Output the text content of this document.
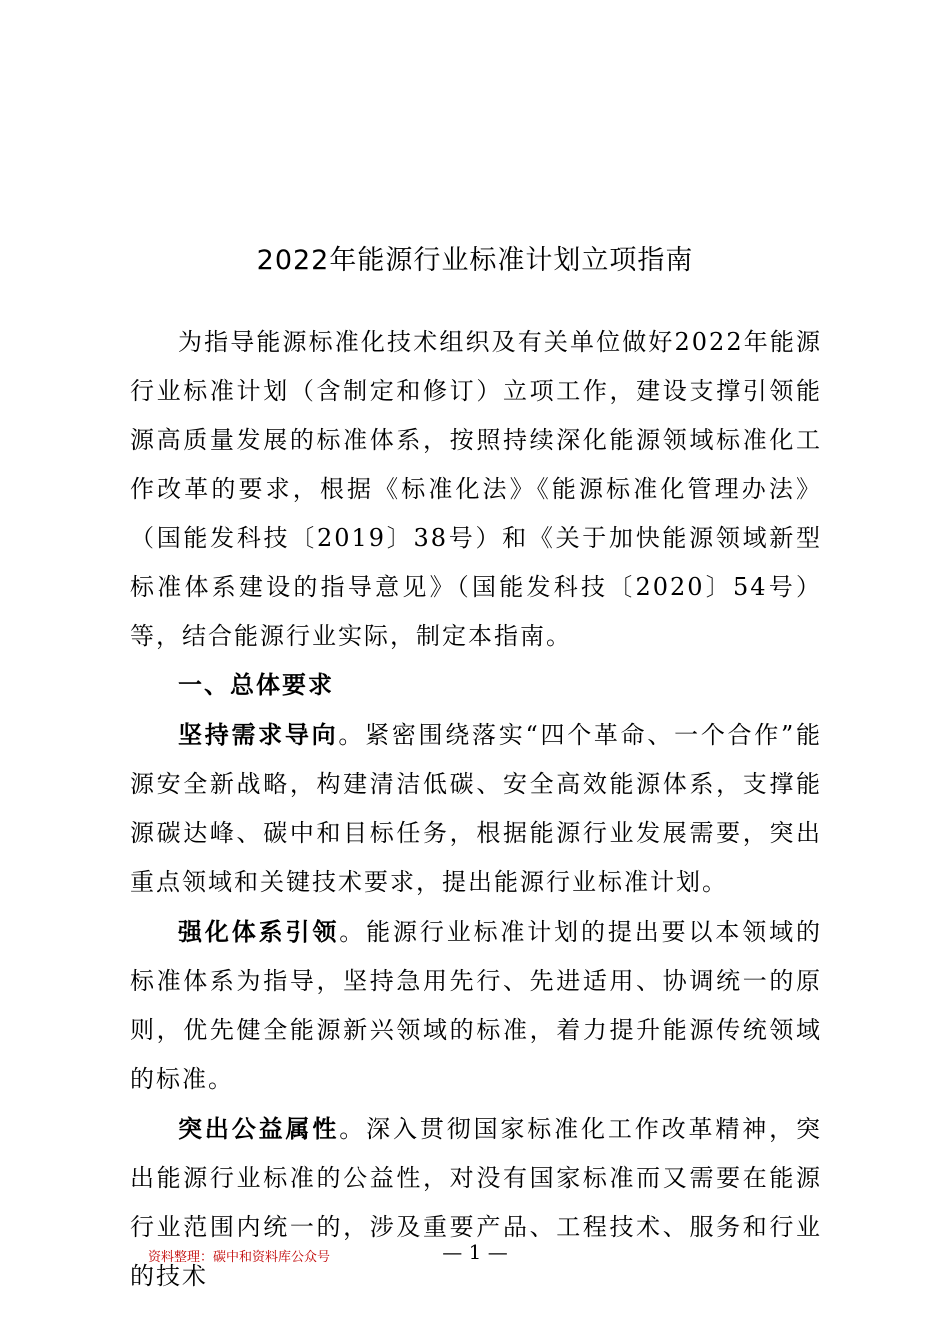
2022年能源行业标准计划立项指南

为指导能源标准化技术组织及有关单位做好2022年能源行业标准计划（含制定和修订）立项工作，建设支撑引领能源高质量发展的标准体系，按照持续深化能源领域标准化工作改革的要求，根据《标准化法》《能源标准化管理办法》（国能发科技〔2019〕38号）和《关于加快能源领域新型标准体系建设的指导意见》（国能发科技〔2020〕54号）等，结合能源行业实际，制定本指南。

一、总体要求

坚持需求导向。紧密围绕落实“四个革命、一个合作”能源安全新战略，构建清洁低碳、安全高效能源体系，支撑能源碳达峰、碳中和目标任务，根据能源行业发展需要，突出重点领域和关键技术要求，提出能源行业标准计划。

强化体系引领。能源行业标准计划的提出要以本领域的标准体系为指导，坚持急用先行、先进适用、协调统一的原则，优先健全能源新兴领域的标准，着力提升能源传统领域的标准。

突出公益属性。深入贯彻国家标准化工作改革精神，突出能源行业标准的公益性，对没有国家标准而又需要在能源行业范围内统一的，涉及重要产品、工程技术、服务和行业的技术

资料整理：碳中和资料库公众号	— 1 —
